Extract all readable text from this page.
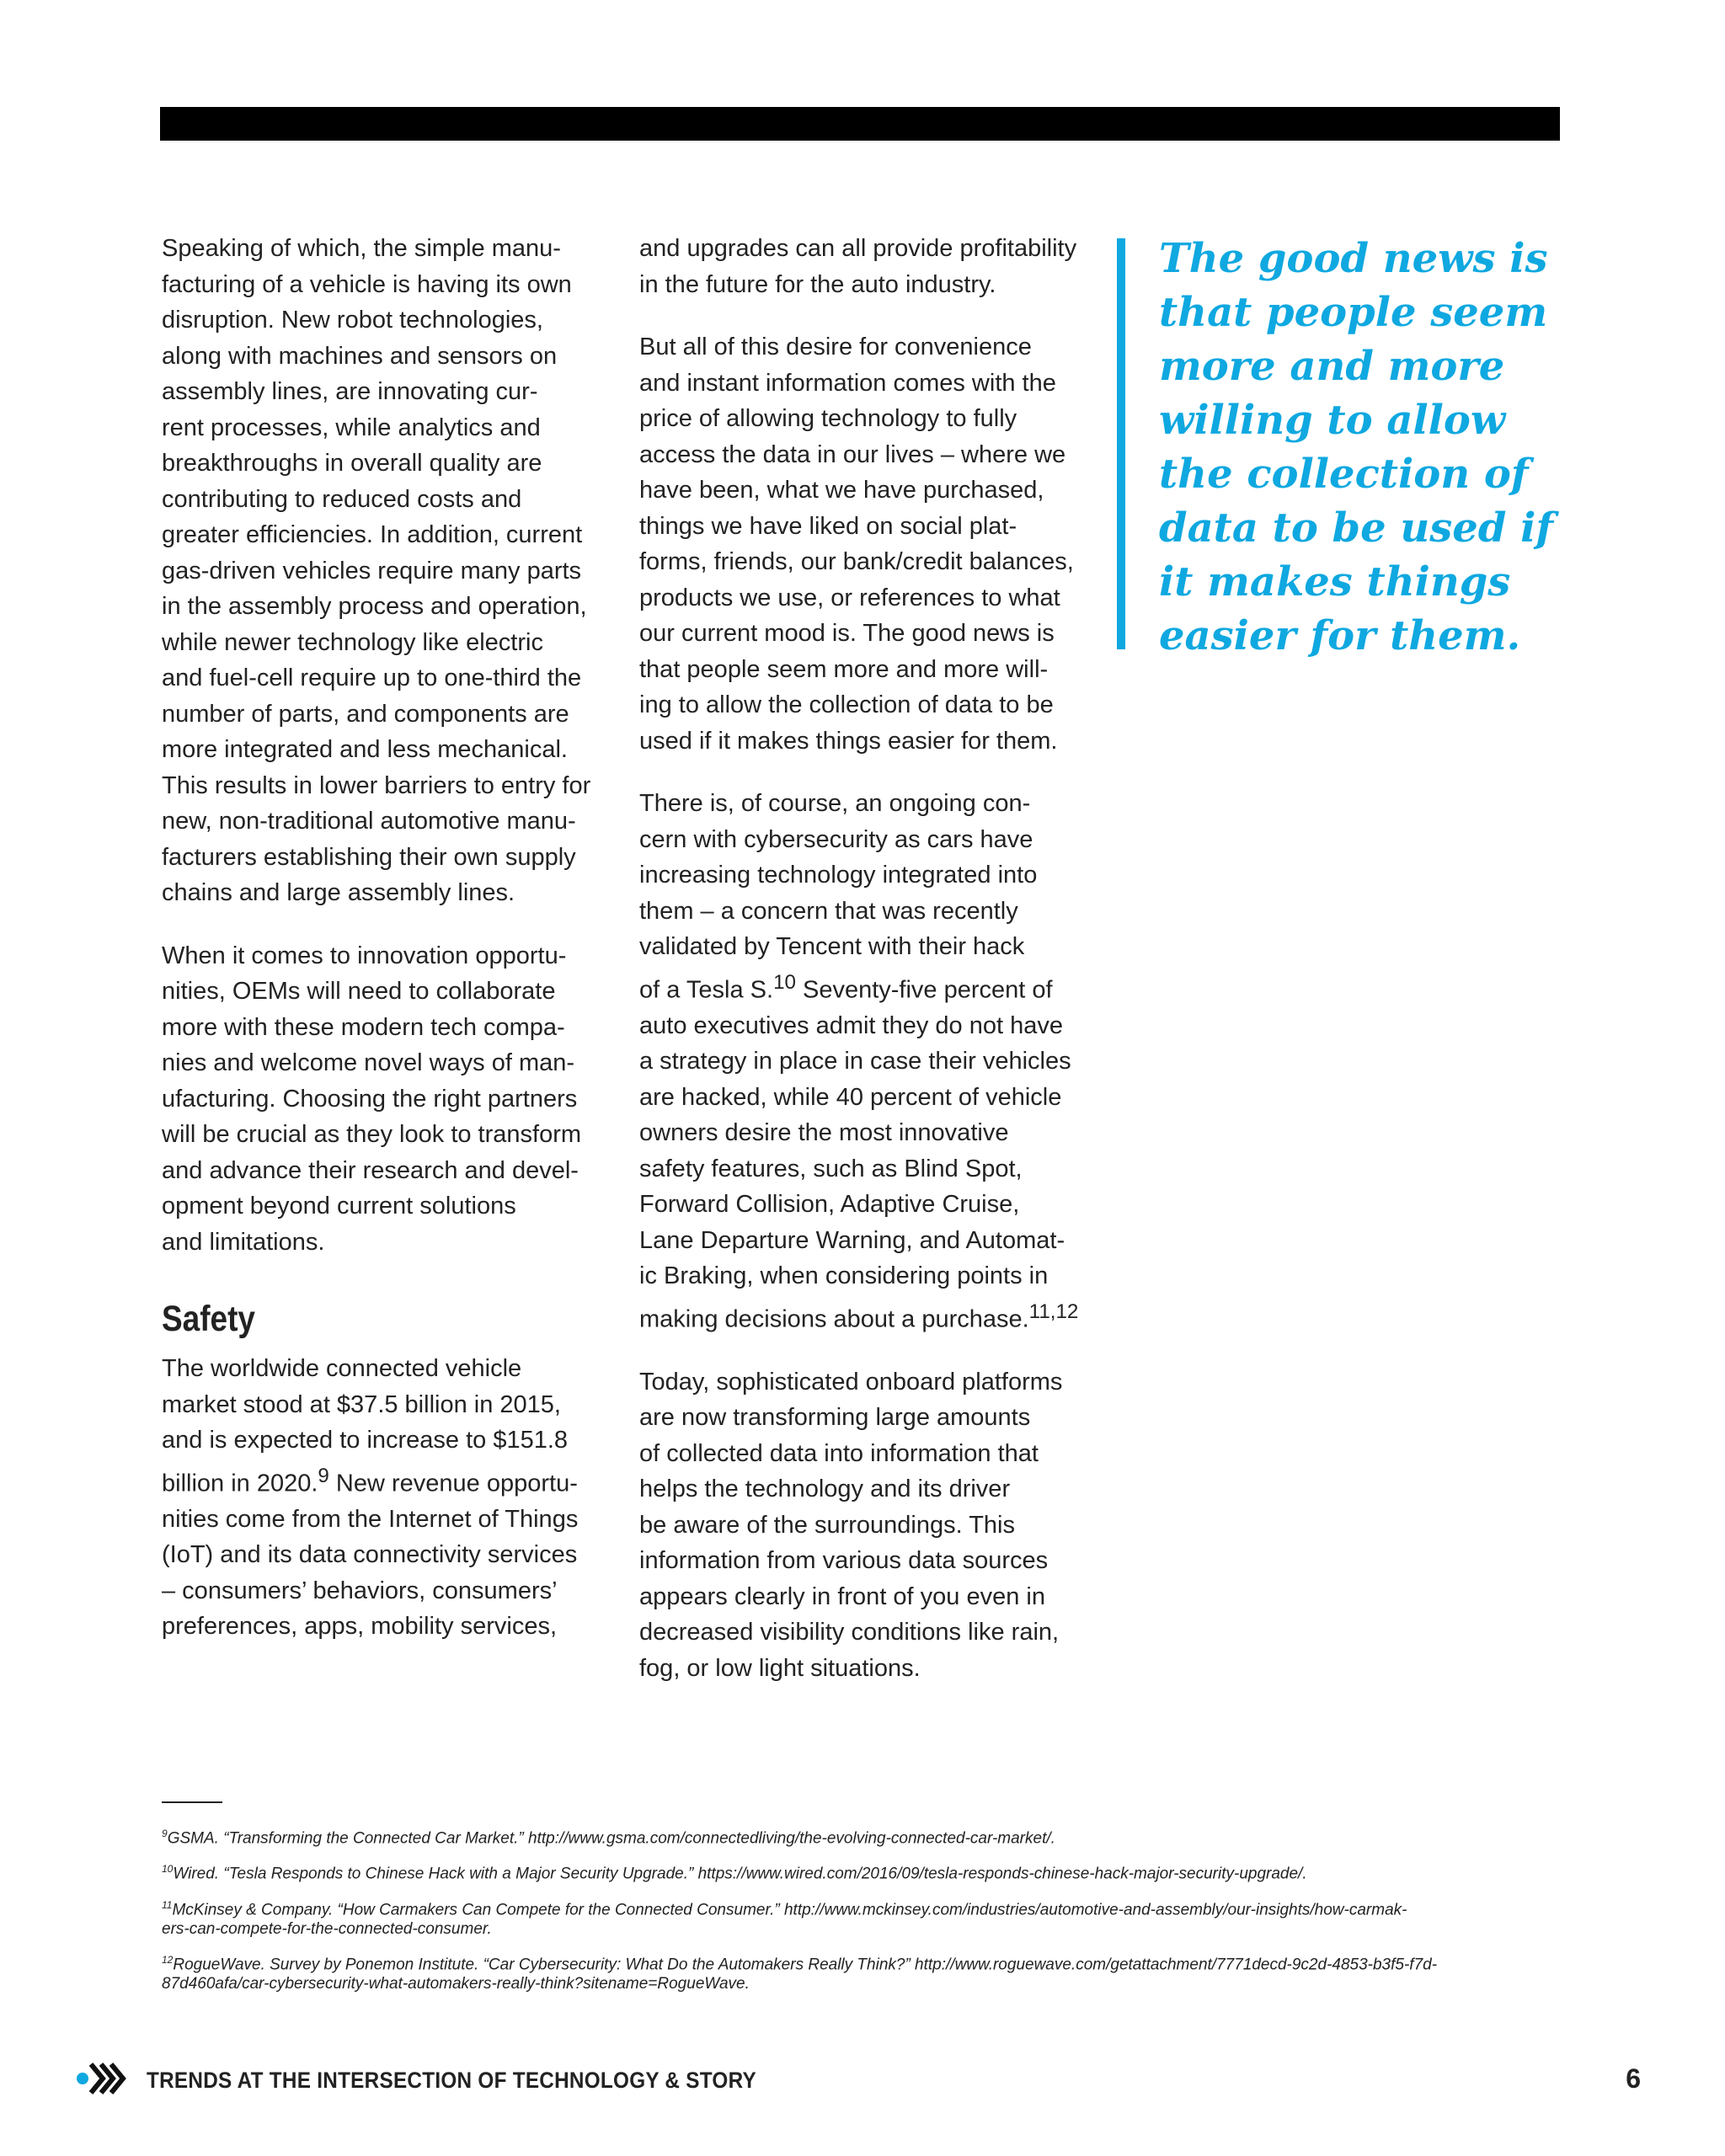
Speaking of which, the simple manu-
facturing of a vehicle is having its own
disruption. New robot technologies,
along with machines and sensors on
assembly lines, are innovating cur-
rent processes, while analytics and
breakthroughs in overall quality are
contributing to reduced costs and
greater efficiencies. In addition, current
gas-driven vehicles require many parts
in the assembly process and operation,
while newer technology like electric
and fuel-cell require up to one-third the
number of parts, and components are
more integrated and less mechanical.
This results in lower barriers to entry for
new, non-traditional automotive manu-
facturers establishing their own supply
chains and large assembly lines.

When it comes to innovation opportu-
nities, OEMs will need to collaborate
more with these modern tech compa-
nies and welcome novel ways of man-
ufacturing. Choosing the right partners
will be crucial as they look to transform
and advance their research and devel-
opment beyond current solutions
and limitations.

Safety

The worldwide connected vehicle
market stood at $37.5 billion in 2015,
and is expected to increase to $151.8
billion in 2020.$^9$ New revenue opportu-
nities come from the Internet of Things
(IoT) and its data connectivity services
– consumers’ behaviors, consumers’
preferences, apps, mobility services,

and upgrades can all provide profitability
in the future for the auto industry.

But all of this desire for convenience
and instant information comes with the
price of allowing technology to fully
access the data in our lives – where we
have been, what we have purchased,
things we have liked on social plat-
forms, friends, our bank/credit balances,
products we use, or references to what
our current mood is. The good news is
that people seem more and more will-
ing to allow the collection of data to be
used if it makes things easier for them.

There is, of course, an ongoing con-
cern with cybersecurity as cars have
increasing technology integrated into
them – a concern that was recently
validated by Tencent with their hack
of a Tesla S.$^{10}$ Seventy-five percent of
auto executives admit they do not have
a strategy in place in case their vehicles
are hacked, while 40 percent of vehicle
owners desire the most innovative
safety features, such as Blind Spot,
Forward Collision, Adaptive Cruise,
Lane Departure Warning, and Automat-
ic Braking, when considering points in
making decisions about a purchase.$^{11,12}$

Today, sophisticated onboard platforms
are now transforming large amounts
of collected data into information that
helps the technology and its driver
be aware of the surroundings. This
information from various data sources
appears clearly in front of you even in
decreased visibility conditions like rain,
fog, or low light situations.

The good news is
that people seem
more and more
willing to allow
the collection of
data to be used if
it makes things
easier for them.

$^9$GSMA. “Transforming the Connected Car Market.” http://www.gsma.com/connectedliving/the-evolving-connected-car-market/.

$^{10}$Wired. “Tesla Responds to Chinese Hack with a Major Security Upgrade.” https://www.wired.com/2016/09/tesla-responds-chinese-hack-major-security-upgrade/.

$^{11}$McKinsey & Company. “How Carmakers Can Compete for the Connected Consumer.” http://www.mckinsey.com/industries/automotive-and-assembly/our-insights/how-carmak-
ers-can-compete-for-the-connected-consumer.

$^{12}$RogueWave. Survey by Ponemon Institute. “Car Cybersecurity: What Do the Automakers Really Think?” http://www.roguewave.com/getattachment/7771decd-9c2d-4853-b3f5-f7d-
87d460afa/car-cybersecurity-what-automakers-really-think?sitename=RogueWave.

TRENDS AT THE INTERSECTION OF TECHNOLOGY & STORY	6
